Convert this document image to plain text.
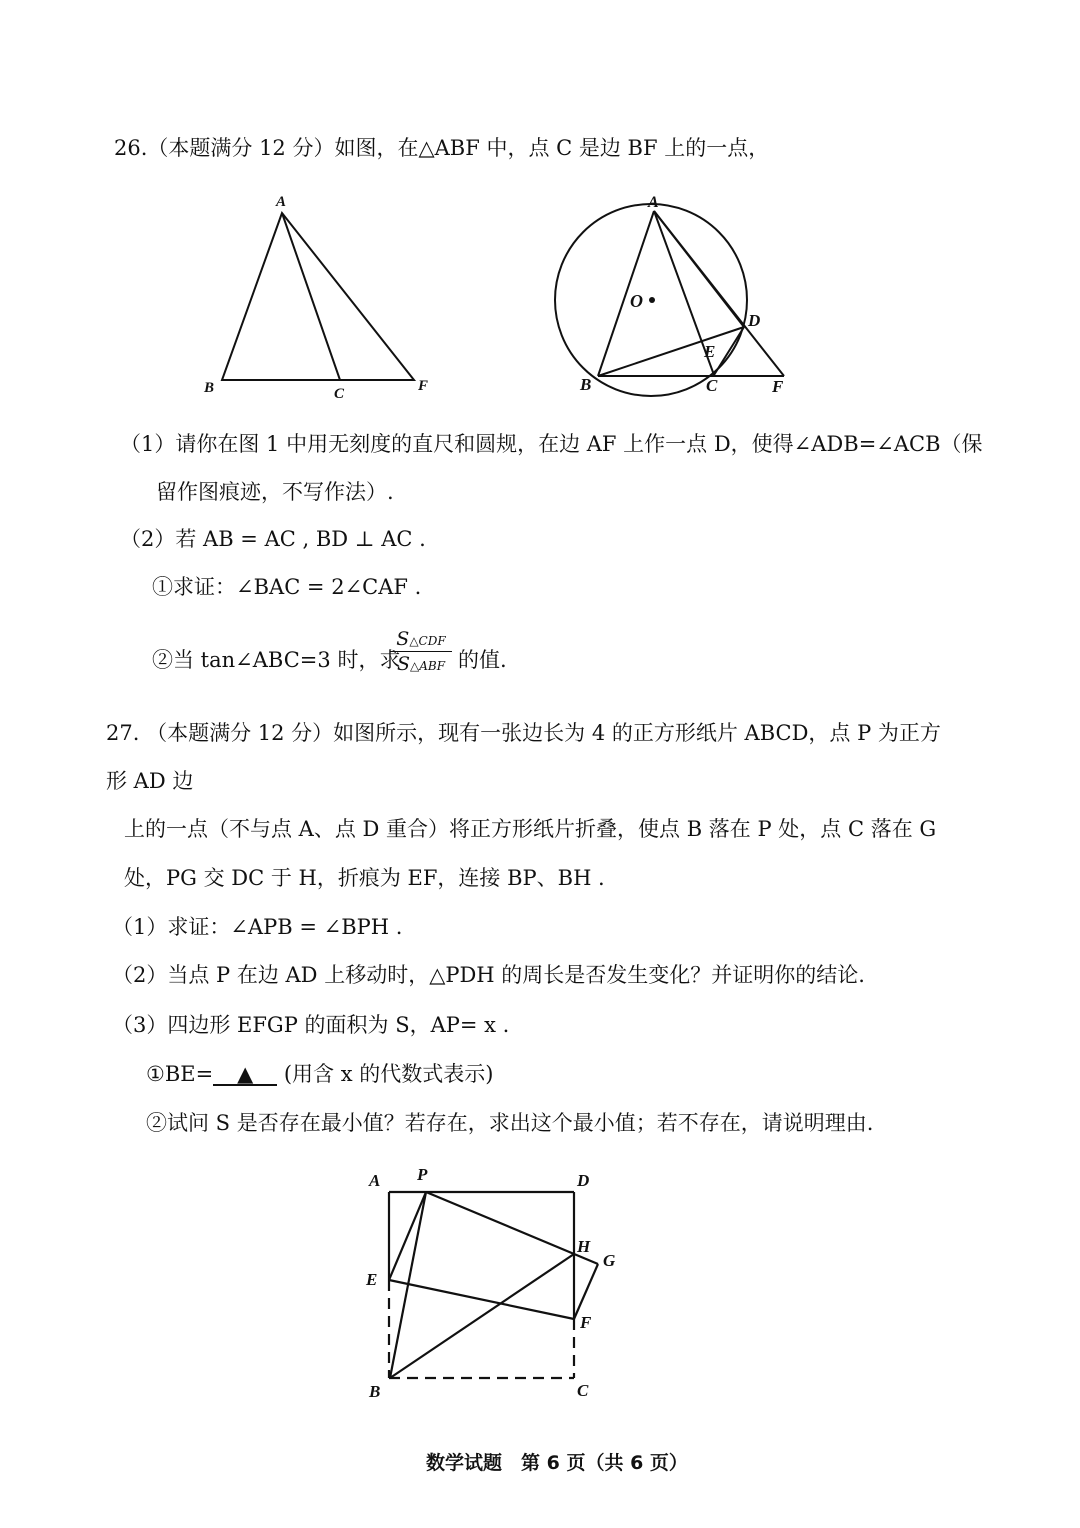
26.（本题满分 12 分）如图，在△ABF 中，点 C 是边 BF 上的一点，
A
B	C	F
A
O
D
E
B	C	F
A P	D
H
G
E
F
B	C
（1）请你在图 1 中用无刻度的直尺和圆规，在边 AF 上作一点 D，使得∠ADB=∠ACB（保
留作图痕迹，不写作法）.
（2）若 AB = AC , BD ⊥ AC .
①求证：∠BAC = 2∠CAF .
②当 tan∠ABC=3 时，求
S△CDF
S△ABF 的值.
27. （本题满分 12 分）如图所示，现有一张边长为 4 的正方形纸片 ABCD，点 P 为正方
形 AD 边
上的一点（不与点 A、点 D 重合）将正方形纸片折叠，使点 B 落在 P 处，点 C 落在 G
处，PG 交 DC 于 H，折痕为 EF，连接 BP、BH .
（1）求证：∠APB = ∠BPH .
（2）当点 P 在边 AD 上移动时，△PDH 的周长是否发生变化？并证明你的结论.
（3）四边形 EFGP 的面积为 S，AP= x .
①BE= ▲ (用含 x 的代数式表示)
②试问 S 是否存在最小值？若存在，求出这个最小值；若不存在，请说明理由.
数学试题　第 6 页（共 6 页）
